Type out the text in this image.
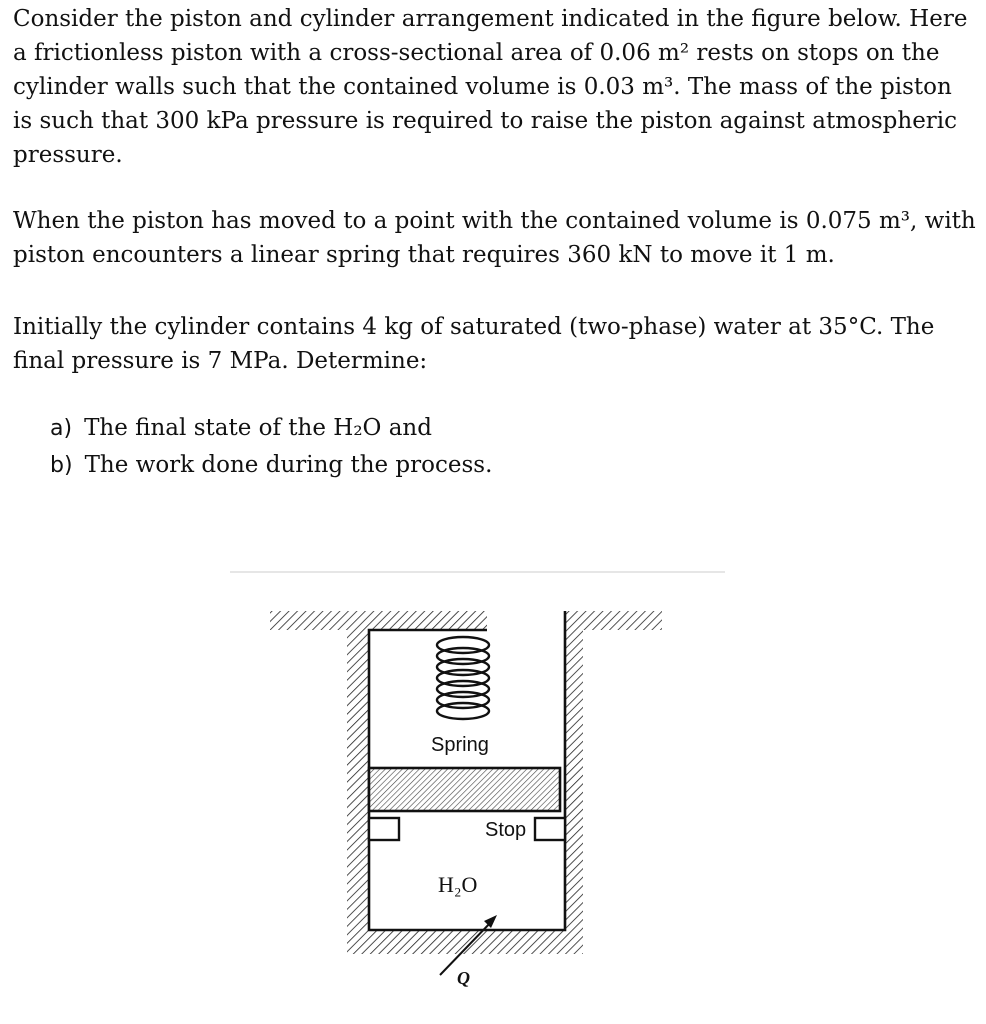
Consider the piston and cylinder arrangement indicated in the figure below. Here a frictionless piston with a cross-sectional area of 0.06 m² rests on stops on the cylinder walls such that the contained volume is 0.03 m³. The mass of the piston is such that 300 kPa pressure is required to raise the piston against atmospheric pressure.

When the piston has moved to a point with the contained volume is 0.075 m³, with piston encounters a linear spring that requires 360 kN to move it 1 m.

Initially the cylinder contains 4 kg of saturated (two-phase) water at 35°C. The final pressure is 7 MPa. Determine:

a) The final state of the H₂O and
b) The work done during the process.
Spring
Stop
H₂O
Q
